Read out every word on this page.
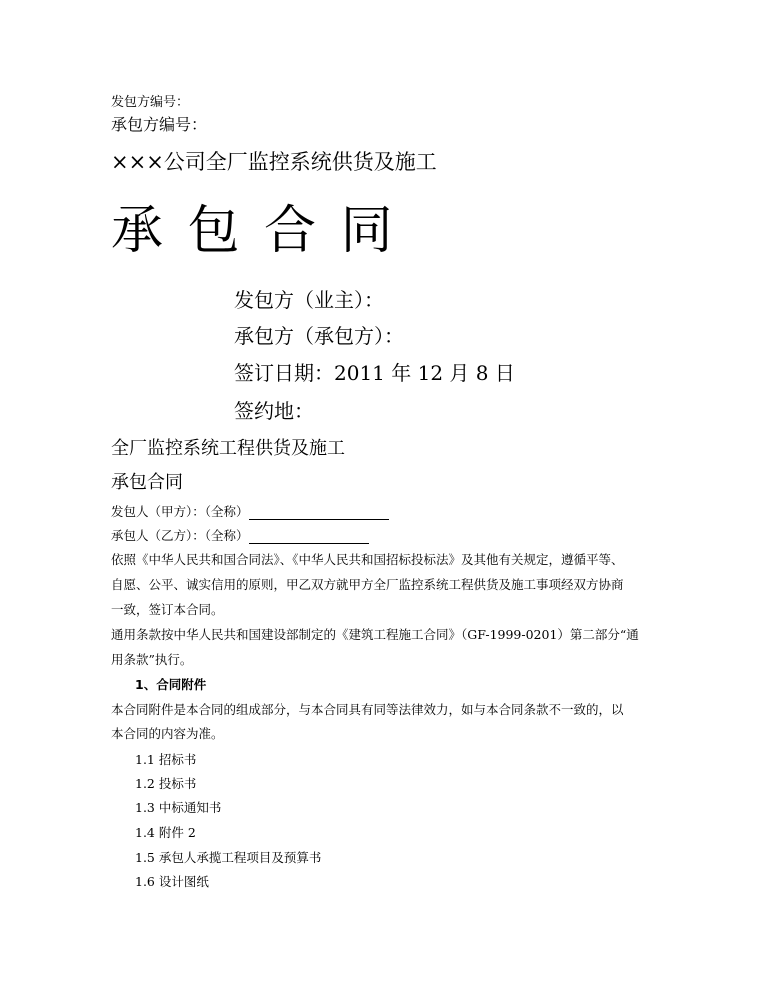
发包方编号：
承包方编号：
×××公司全厂监控系统供货及施工
承 包 合 同
发包方（业主）：
承包方（承包方）：
签订日期：2011 年 12 月 8 日
签约地：
全厂监控系统工程供货及施工
承包合同
发包人（甲方）：（全称）
承包人（乙方）：（全称）
依照《中华人民共和国合同法》、《中华人民共和国招标投标法》及其他有关规定，遵循平等、
自愿、公平、诚实信用的原则，甲乙双方就甲方全厂监控系统工程供货及施工事项经双方协商
一致，签订本合同。
通用条款按中华人民共和国建设部制定的《建筑工程施工合同》（GF-1999-0201）第二部分“通
用条款”执行。
1、合同附件
本合同附件是本合同的组成部分，与本合同具有同等法律效力，如与本合同条款不一致的，以
本合同的内容为准。
1.1 招标书
1.2 投标书
1.3 中标通知书
1.4 附件 2
1.5 承包人承揽工程项目及预算书
1.6 设计图纸
